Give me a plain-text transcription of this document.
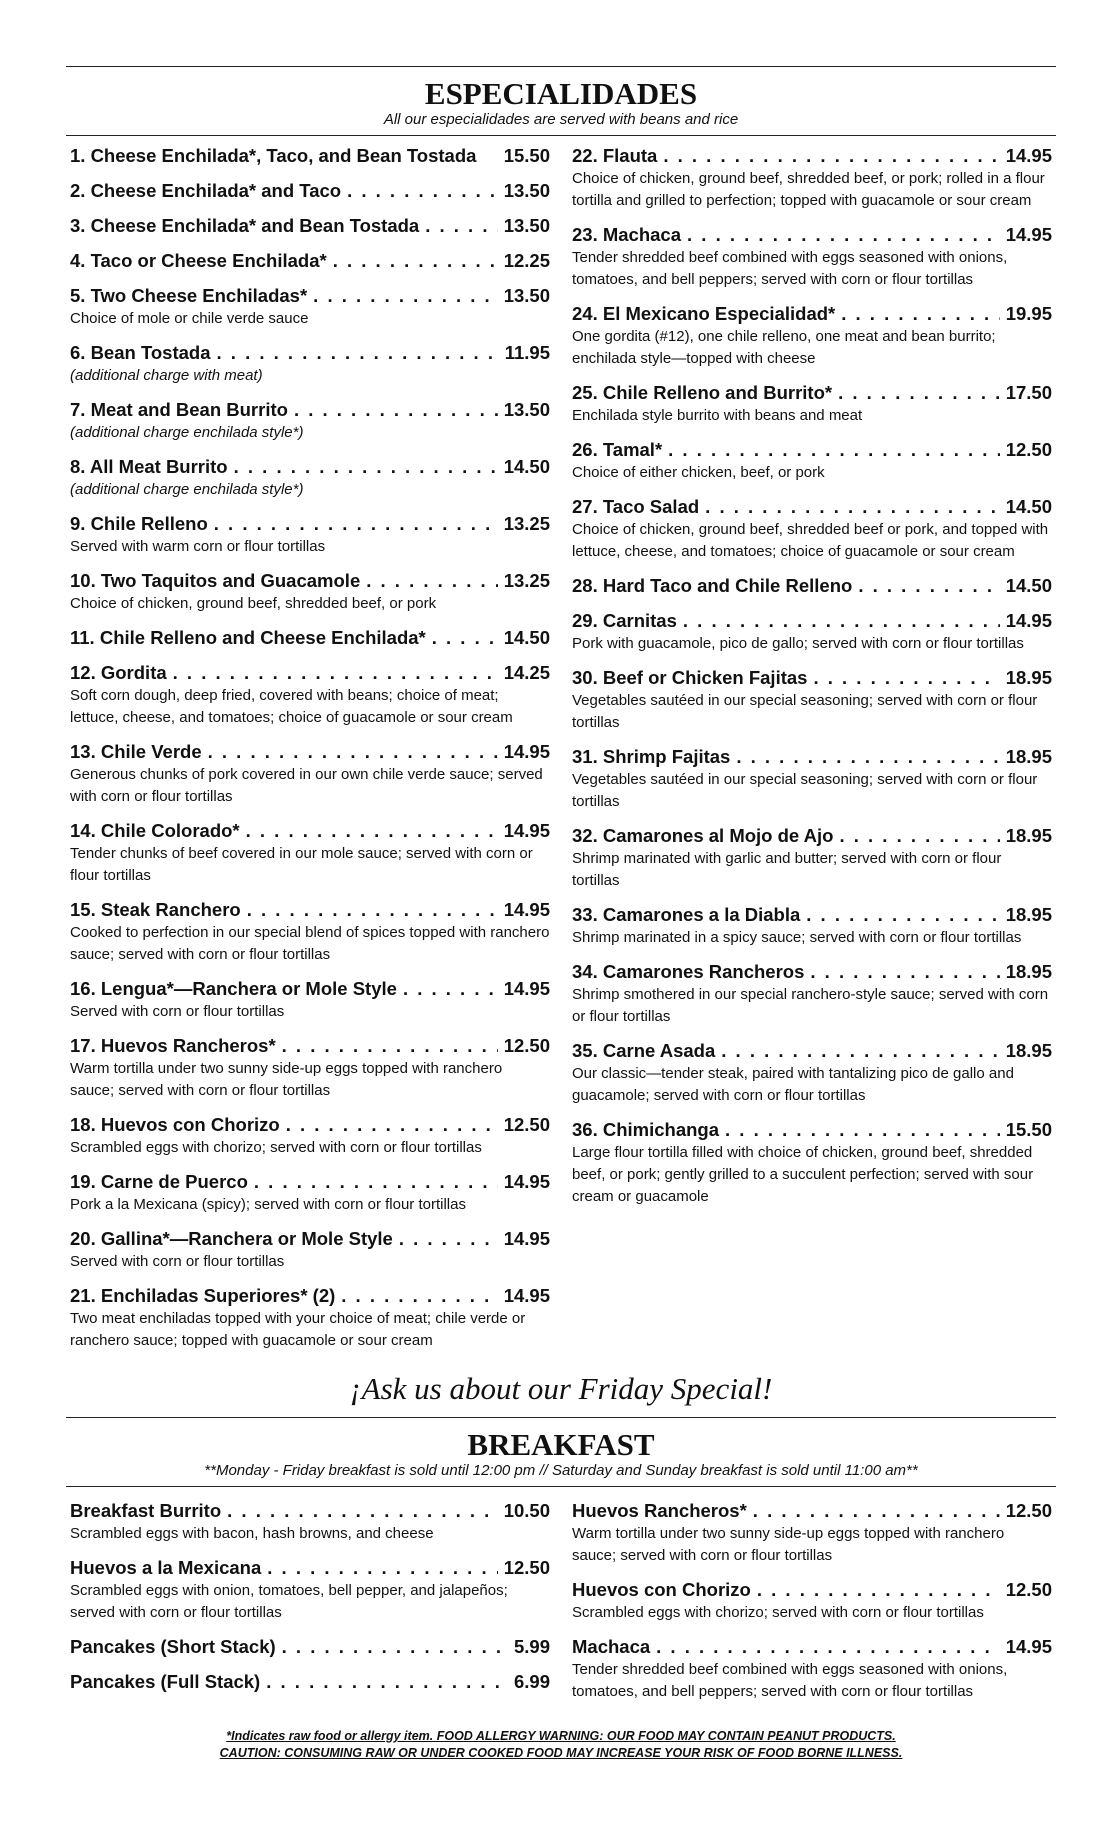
ESPECIALIDADES
All our especialidades are served with beans and rice
1. Cheese Enchilada*, Taco, and Bean Tostada 15.50
2. Cheese Enchilada* and Taco . . .	13.50
3. Cheese Enchilada* and Bean Tostada . . .	13.50
4. Taco or Cheese Enchilada* . . .	12.25
5. Two Cheese Enchiladas* . . .	13.50
Choice of mole or chile verde sauce
6. Bean Tostada . . .	11.95
(additional charge with meat)
7. Meat and Bean Burrito . . .	13.50
(additional charge enchilada style*)
8. All Meat Burrito . . .	14.50
(additional charge enchilada style*)
9. Chile Relleno . . .	13.25
Served with warm corn or flour tortillas
10. Two Taquitos and Guacamole . . .	13.25
Choice of chicken, ground beef, shredded beef, or pork
11. Chile Relleno and Cheese Enchilada* . . .	14.50
12. Gordita . . .	14.25
Soft corn dough, deep fried, covered with beans; choice of meat; lettuce, cheese, and tomatoes; choice of guacamole or sour cream
13. Chile Verde . . .	14.95
Generous chunks of pork covered in our own chile verde sauce; served with corn or flour tortillas
14. Chile Colorado* . . .	14.95
Tender chunks of beef covered in our mole sauce; served with corn or flour tortillas
15. Steak Ranchero . . .	14.95
Cooked to perfection in our special blend of spices topped with ranchero sauce; served with corn or flour tortillas
16. Lengua*—Ranchera or Mole Style . . .	14.95
Served with corn or flour tortillas
17. Huevos Rancheros* . . .	12.50
Warm tortilla under two sunny side-up eggs topped with ranchero sauce; served with corn or flour tortillas
18. Huevos con Chorizo . . .	12.50
Scrambled eggs with chorizo; served with corn or flour tortillas
19. Carne de Puerco . . .	14.95
Pork a la Mexicana (spicy); served with corn or flour tortillas
20. Gallina*—Ranchera or Mole Style . . .	14.95
Served with corn or flour tortillas
21. Enchiladas Superiores* (2) . . .	14.95
Two meat enchiladas topped with your choice of meat; chile verde or ranchero sauce; topped with guacamole or sour cream
22. Flauta . . .	14.95
Choice of chicken, ground beef, shredded beef, or pork; rolled in a flour tortilla and grilled to perfection; topped with guacamole or sour cream
23. Machaca . . .	14.95
Tender shredded beef combined with eggs seasoned with onions, tomatoes, and bell peppers; served with corn or flour tortillas
24. El Mexicano Especialidad* . . .	19.95
One gordita (#12), one chile relleno, one meat and bean burrito; enchilada style—topped with cheese
25. Chile Relleno and Burrito* . . .	17.50
Enchilada style burrito with beans and meat
26. Tamal* . . .	12.50
Choice of either chicken, beef, or pork
27. Taco Salad . . .	14.50
Choice of chicken, ground beef, shredded beef or pork, and topped with lettuce, cheese, and tomatoes; choice of guacamole or sour cream
28. Hard Taco and Chile Relleno . . .	14.50
29. Carnitas . . .	14.95
Pork with guacamole, pico de gallo; served with corn or flour tortillas
30. Beef or Chicken Fajitas . . .	18.95
Vegetables sautéed in our special seasoning; served with corn or flour tortillas
31. Shrimp Fajitas . . .	18.95
Vegetables sautéed in our special seasoning; served with corn or flour tortillas
32. Camarones al Mojo de Ajo . . .	18.95
Shrimp marinated with garlic and butter; served with corn or flour tortillas
33. Camarones a la Diabla . . .	18.95
Shrimp marinated in a spicy sauce; served with corn or flour tortillas
34. Camarones Rancheros . . .	18.95
Shrimp smothered in our special ranchero-style sauce; served with corn or flour tortillas
35. Carne Asada . . .	18.95
Our classic—tender steak, paired with tantalizing pico de gallo and guacamole; served with corn or flour tortillas
36. Chimichanga . . .	15.50
Large flour tortilla filled with choice of chicken, ground beef, shredded beef, or pork; gently grilled to a succulent perfection; served with sour cream or guacamole
¡Ask us about our Friday Special!
BREAKFAST
**Monday - Friday breakfast is sold until 12:00 pm // Saturday and Sunday breakfast is sold until 11:00 am**
Breakfast Burrito . . .	10.50
Scrambled eggs with bacon, hash browns, and cheese
Huevos a la Mexicana . . .	12.50
Scrambled eggs with onion, tomatoes, bell pepper, and jalapeños; served with corn or flour tortillas
Pancakes (Short Stack) . . .	5.99
Pancakes (Full Stack) . . .	6.99
Huevos Rancheros* . . .	12.50
Warm tortilla under two sunny side-up eggs topped with ranchero sauce; served with corn or flour tortillas
Huevos con Chorizo . . .	12.50
Scrambled eggs with chorizo; served with corn or flour tortillas
Machaca . . .	14.95
Tender shredded beef combined with eggs seasoned with onions, tomatoes, and bell peppers; served with corn or flour tortillas
*Indicates raw food or allergy item. FOOD ALLERGY WARNING: OUR FOOD MAY CONTAIN PEANUT PRODUCTS.
CAUTION: CONSUMING RAW OR UNDER COOKED FOOD MAY INCREASE YOUR RISK OF FOOD BORNE ILLNESS.
